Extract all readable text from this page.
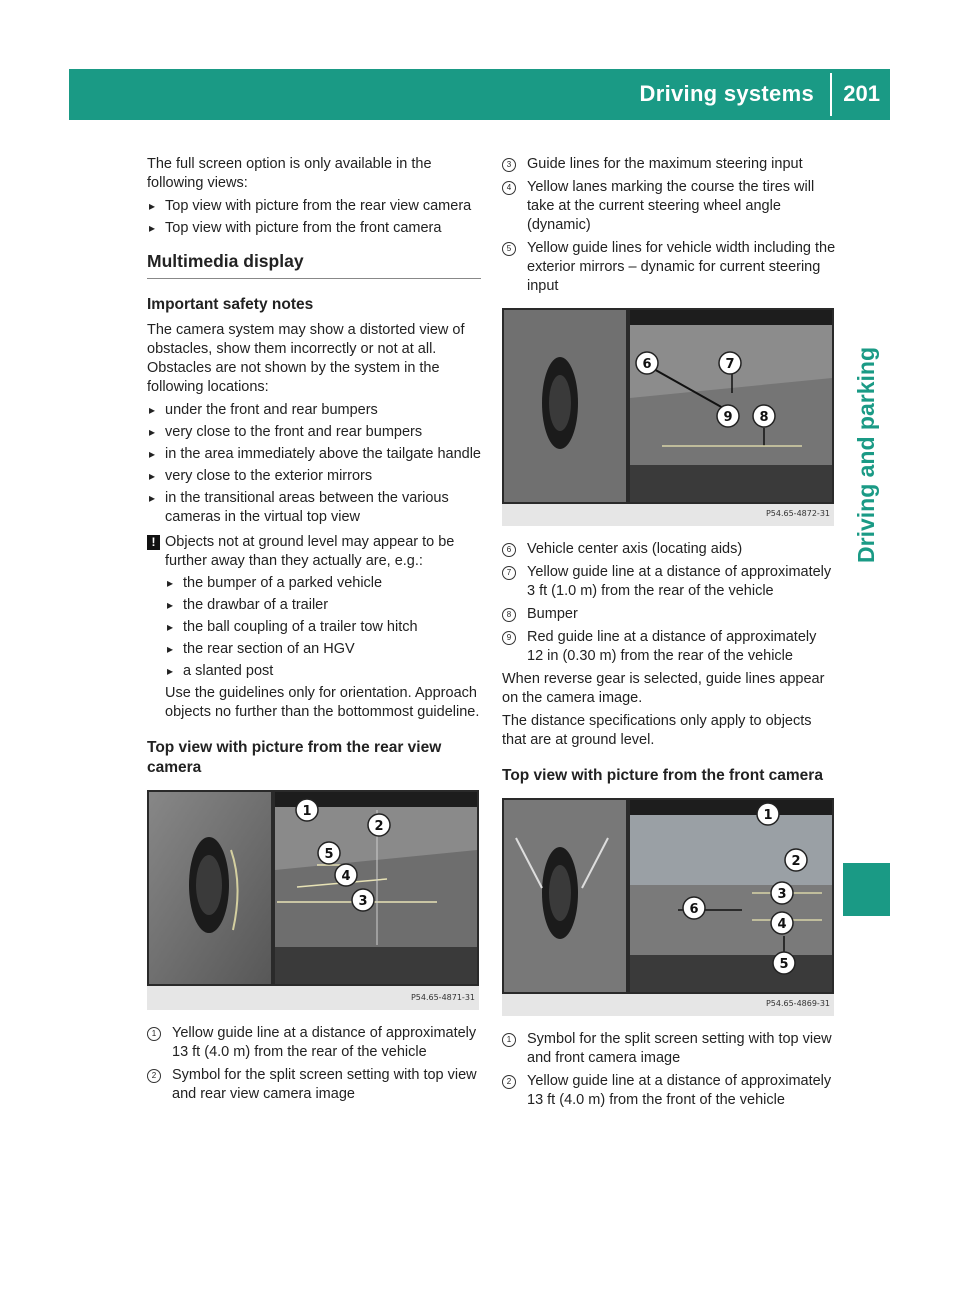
Driving systems 201
Driving and parking

The full screen option is only available in the following views:

▸ Top view with picture from the rear view camera
▸ Top view with picture from the front camera
Multimedia display
Important safety notes

The camera system may show a distorted view of obstacles, show them incorrectly or not at all. Obstacles are not shown by the system in the following locations:

▸ under the front and rear bumpers
▸ very close to the front and rear bumpers
▸ in the area immediately above the tailgate handle
▸ very close to the exterior mirrors
▸ in the transitional areas between the various cameras in the virtual top view
! Objects not at ground level may appear to be further away than they actually are, e.g.:
▸ the bumper of a parked vehicle
▸ the drawbar of a trailer
▸ the ball coupling of a trailer tow hitch
▸ the rear section of an HGV
▸ a slanted post

Use the guidelines only for orientation. Approach objects no further than the bottommost guideline.

Top view with picture from the rear view camera
1
2
5
4
3
P54.65-4871-31
1	Yellow guide line at a distance of approximately 13 ft (4.0 m) from the rear of the vehicle
2	Symbol for the split screen setting with top view and rear view camera image
3	Guide lines for the maximum steering input
4	Yellow lanes marking the course the tires will take at the current steering wheel angle (dynamic)
5	Yellow guide lines for vehicle width including the exterior mirrors – dynamic for current steering input
6	7
9 8
P54.65-4872-31
6	Vehicle center axis (locating aids)
7	Yellow guide line at a distance of approximately 3 ft (1.0 m) from the rear of the vehicle
8	Bumper
9	Red guide line at a distance of approximately 12 in (0.30 m) from the rear of the vehicle

When reverse gear is selected, guide lines appear on the camera image.

The distance specifications only apply to objects that are at ground level.

Top view with picture from the front camera
1
2
3
6
4
5
P54.65-4869-31
1	Symbol for the split screen setting with top view and front camera image
2	Yellow guide line at a distance of approximately 13 ft (4.0 m) from the front of the vehicle
